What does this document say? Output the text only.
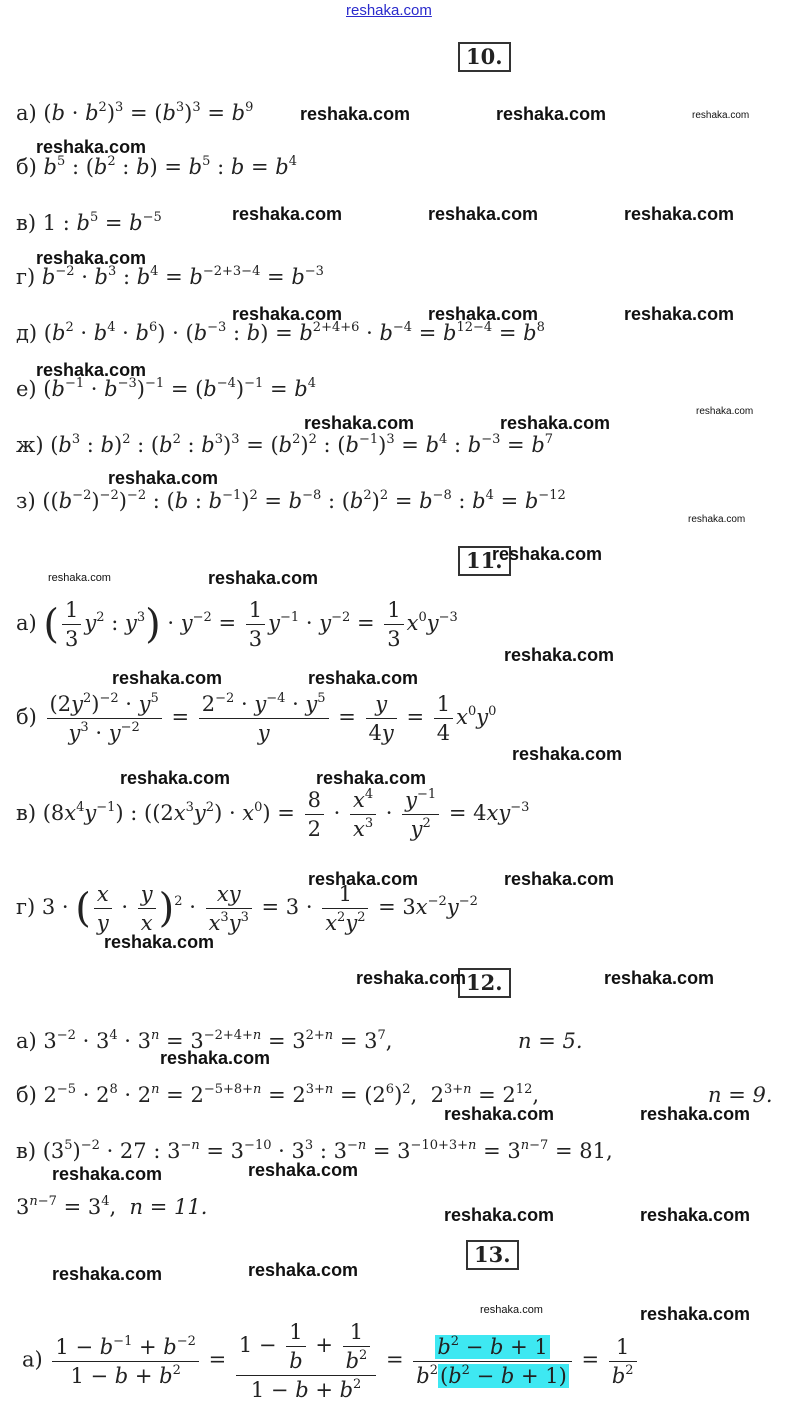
reshaka.com
10.
а) $(b \cdot b^2)^3 = (b^3)^3 = b^9$
б) $b^5$ : ($b^2$ : $b) = b^5$ : $b = b^4$
в) 1 : $b^5 = b^{-5}$
г) $b^{-2} \cdot b^3$ : $b^4 = b^{-2+3-4} = b^{-3}$
д) $(b^2 \cdot b^4 \cdot b^6) \cdot (b^{-3}$ : $b) = b^{2+4+6} \cdot b^{-4} = b^{12-4} = b^8$
е) $(b^{-1} \cdot b^{-3})^{-1} = (b^{-4})^{-1} = b^4$
ж) ($b^3$ : b)$^2$ : ($b^2$ : $b^3)^3 = (b^2)^2$ : $(b^{-1})^3 = b^4$ : $b^{-3} = b^7$
з) $((b^{-2})^{-2})^{-2}$ : (b : $b^{-1})^2 = b^{-8}$ : $(b^2)^2 = b^{-8}$ : $b^4 = b^{-12}$
11.
а) ( $\frac{1}{3} y^2$ : $y^3) \cdot y^{-2} = \frac{1}{3} y^{-1} \cdot y^{-2} = \frac{1}{3} x^0y^{-3}$
$б) \frac{(2y^2)^{-2} \cdot y^5}{y^3 \cdot y^{-2}} = \frac{2^{-2} \cdot y^{-4} \cdot y^5}{y} = \frac{y}{4y} = \frac{1}{4} x^0y^0$
в) $(8x^4y^{-1})$ : $((2x^3y^2) \cdot x^0) = \frac{8}{2} \cdot \frac{x^4}{x^3} \cdot \frac{y^{-1}}{y^2} = 4xy^{-3}$
г) 3 · ( $\frac{x}{y} \cdot \frac{y}{x} )^2 \cdot \frac{xy}{x^3y^3} = 3 \cdot \frac{1}{x^2y^2} = 3x^{-2}y^{-2}$
12.
а) $3^{-2} \cdot 3^4 \cdot 3^n = 3^{-2+4+n} = 3^{2+n} = 3^7$,	n = 5.
б) $2^{-5} \cdot 2^8 \cdot 2^n = 2^{-5+8+n} = 2^{3+n} = (2^6)^2$,  $2^{3+n} = 2^{12}$,	n = 9.
в) $(3^5)^{-2} \cdot 27$ : $3^{-n} = 3^{-10} \cdot 3^3$ : $3^{-n} = 3^{-10+3+n} = 3^{n-7} = 81$,
$3^{n-7} = 3^4$,  n = 11.
13.
$а) \frac{1 - b^{-1} + b^{-2}}{1 - b + b^2} = \frac{1 - \frac{1}{b} + \frac{1}{b^2}}{1 - b + b^2} = \frac{b^2 - b + 1}{b^2(b^2 - b + 1)} = \frac{1}{b^2}$
reshaka.com	reshaka.com	reshaka.com
reshaka.com
reshaka.com	reshaka.com	reshaka.com
reshaka.com
reshaka.com	reshaka.com	reshaka.com
reshaka.com
reshaka.com
reshaka.com	reshaka.com
reshaka.com
reshaka.com
reshaka.com
reshaka.com	reshaka.com
reshaka.com
reshaka.com	reshaka.com
reshaka.com
reshaka.com	reshaka.com
reshaka.com	reshaka.com
reshaka.com
reshaka.com	reshaka.com
reshaka.com
reshaka.com	reshaka.com
reshaka.com
reshaka.com
reshaka.com	reshaka.com
reshaka.com	reshaka.com
reshaka.com	reshaka.com
